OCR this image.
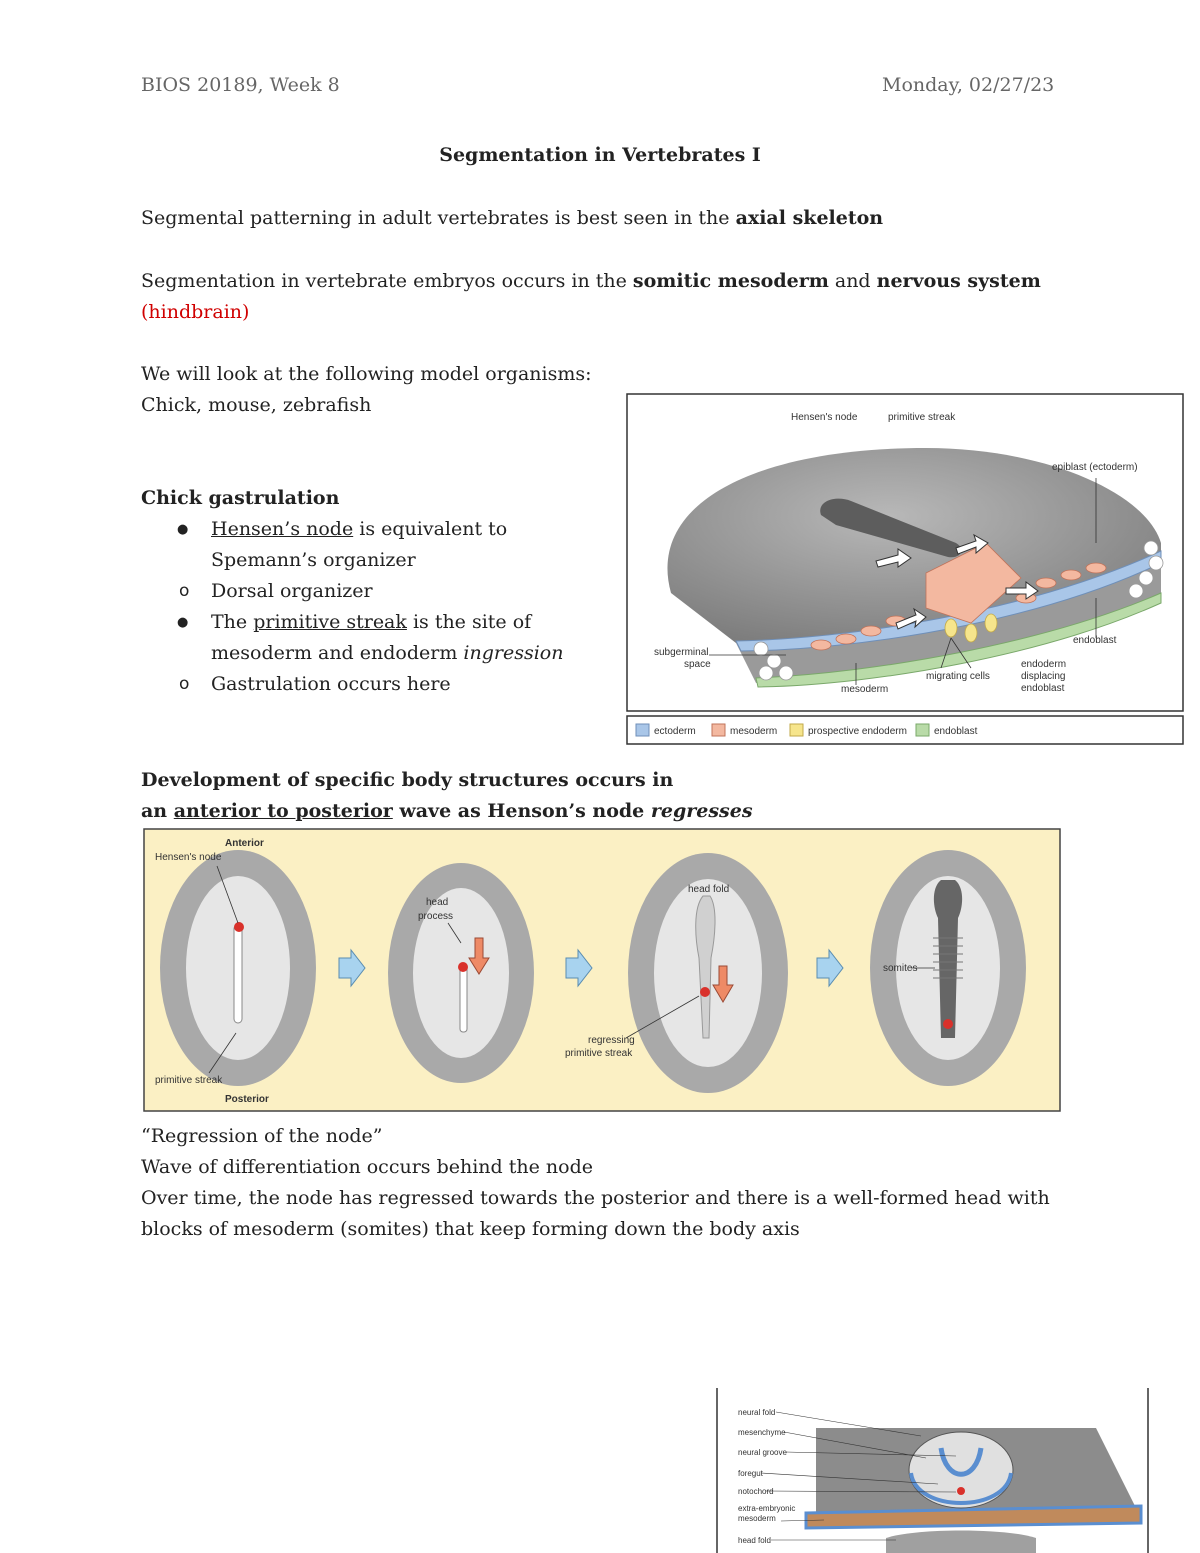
BIOS 20189, Week 8	Monday, 02/27/23
Segmentation in Vertebrates I
Segmental patterning in adult vertebrates is best seen in the axial skeleton
Segmentation in vertebrate embryos occurs in the somitic mesoderm and nervous system
(hindbrain)
We will look at the following model organisms:
Chick, mouse, zebrafish
Chick gastrulation
● Hensen’s node is equivalent to Spemann’s organizer
o Dorsal organizer
● The primitive streak is the site of mesoderm and endoderm ingression
o Gastrulation occurs here
Hensen's node	primitive streak
epiblast (ectoderm)
subgerminal
space
endoblast
endoderm
displacing
endoblast
migrating cells
mesoderm
ectoderm	mesoderm	prospective endoderm	endoblast
Development of specific body structures occurs in
an anterior to posterior wave as Henson’s node regresses
Anterior
Hensen's node
primitive streak
Posterior
head
process
head fold
regressing
primitive streak
somites
“Regression of the node”
Wave of differentiation occurs behind the node
Over time, the node has regressed towards the posterior and there is a well-formed head with
blocks of mesoderm (somites) that keep forming down the body axis
neural fold
mesenchyme
neural groove
foregut
notochord
extra-embryonic
mesoderm
head fold
